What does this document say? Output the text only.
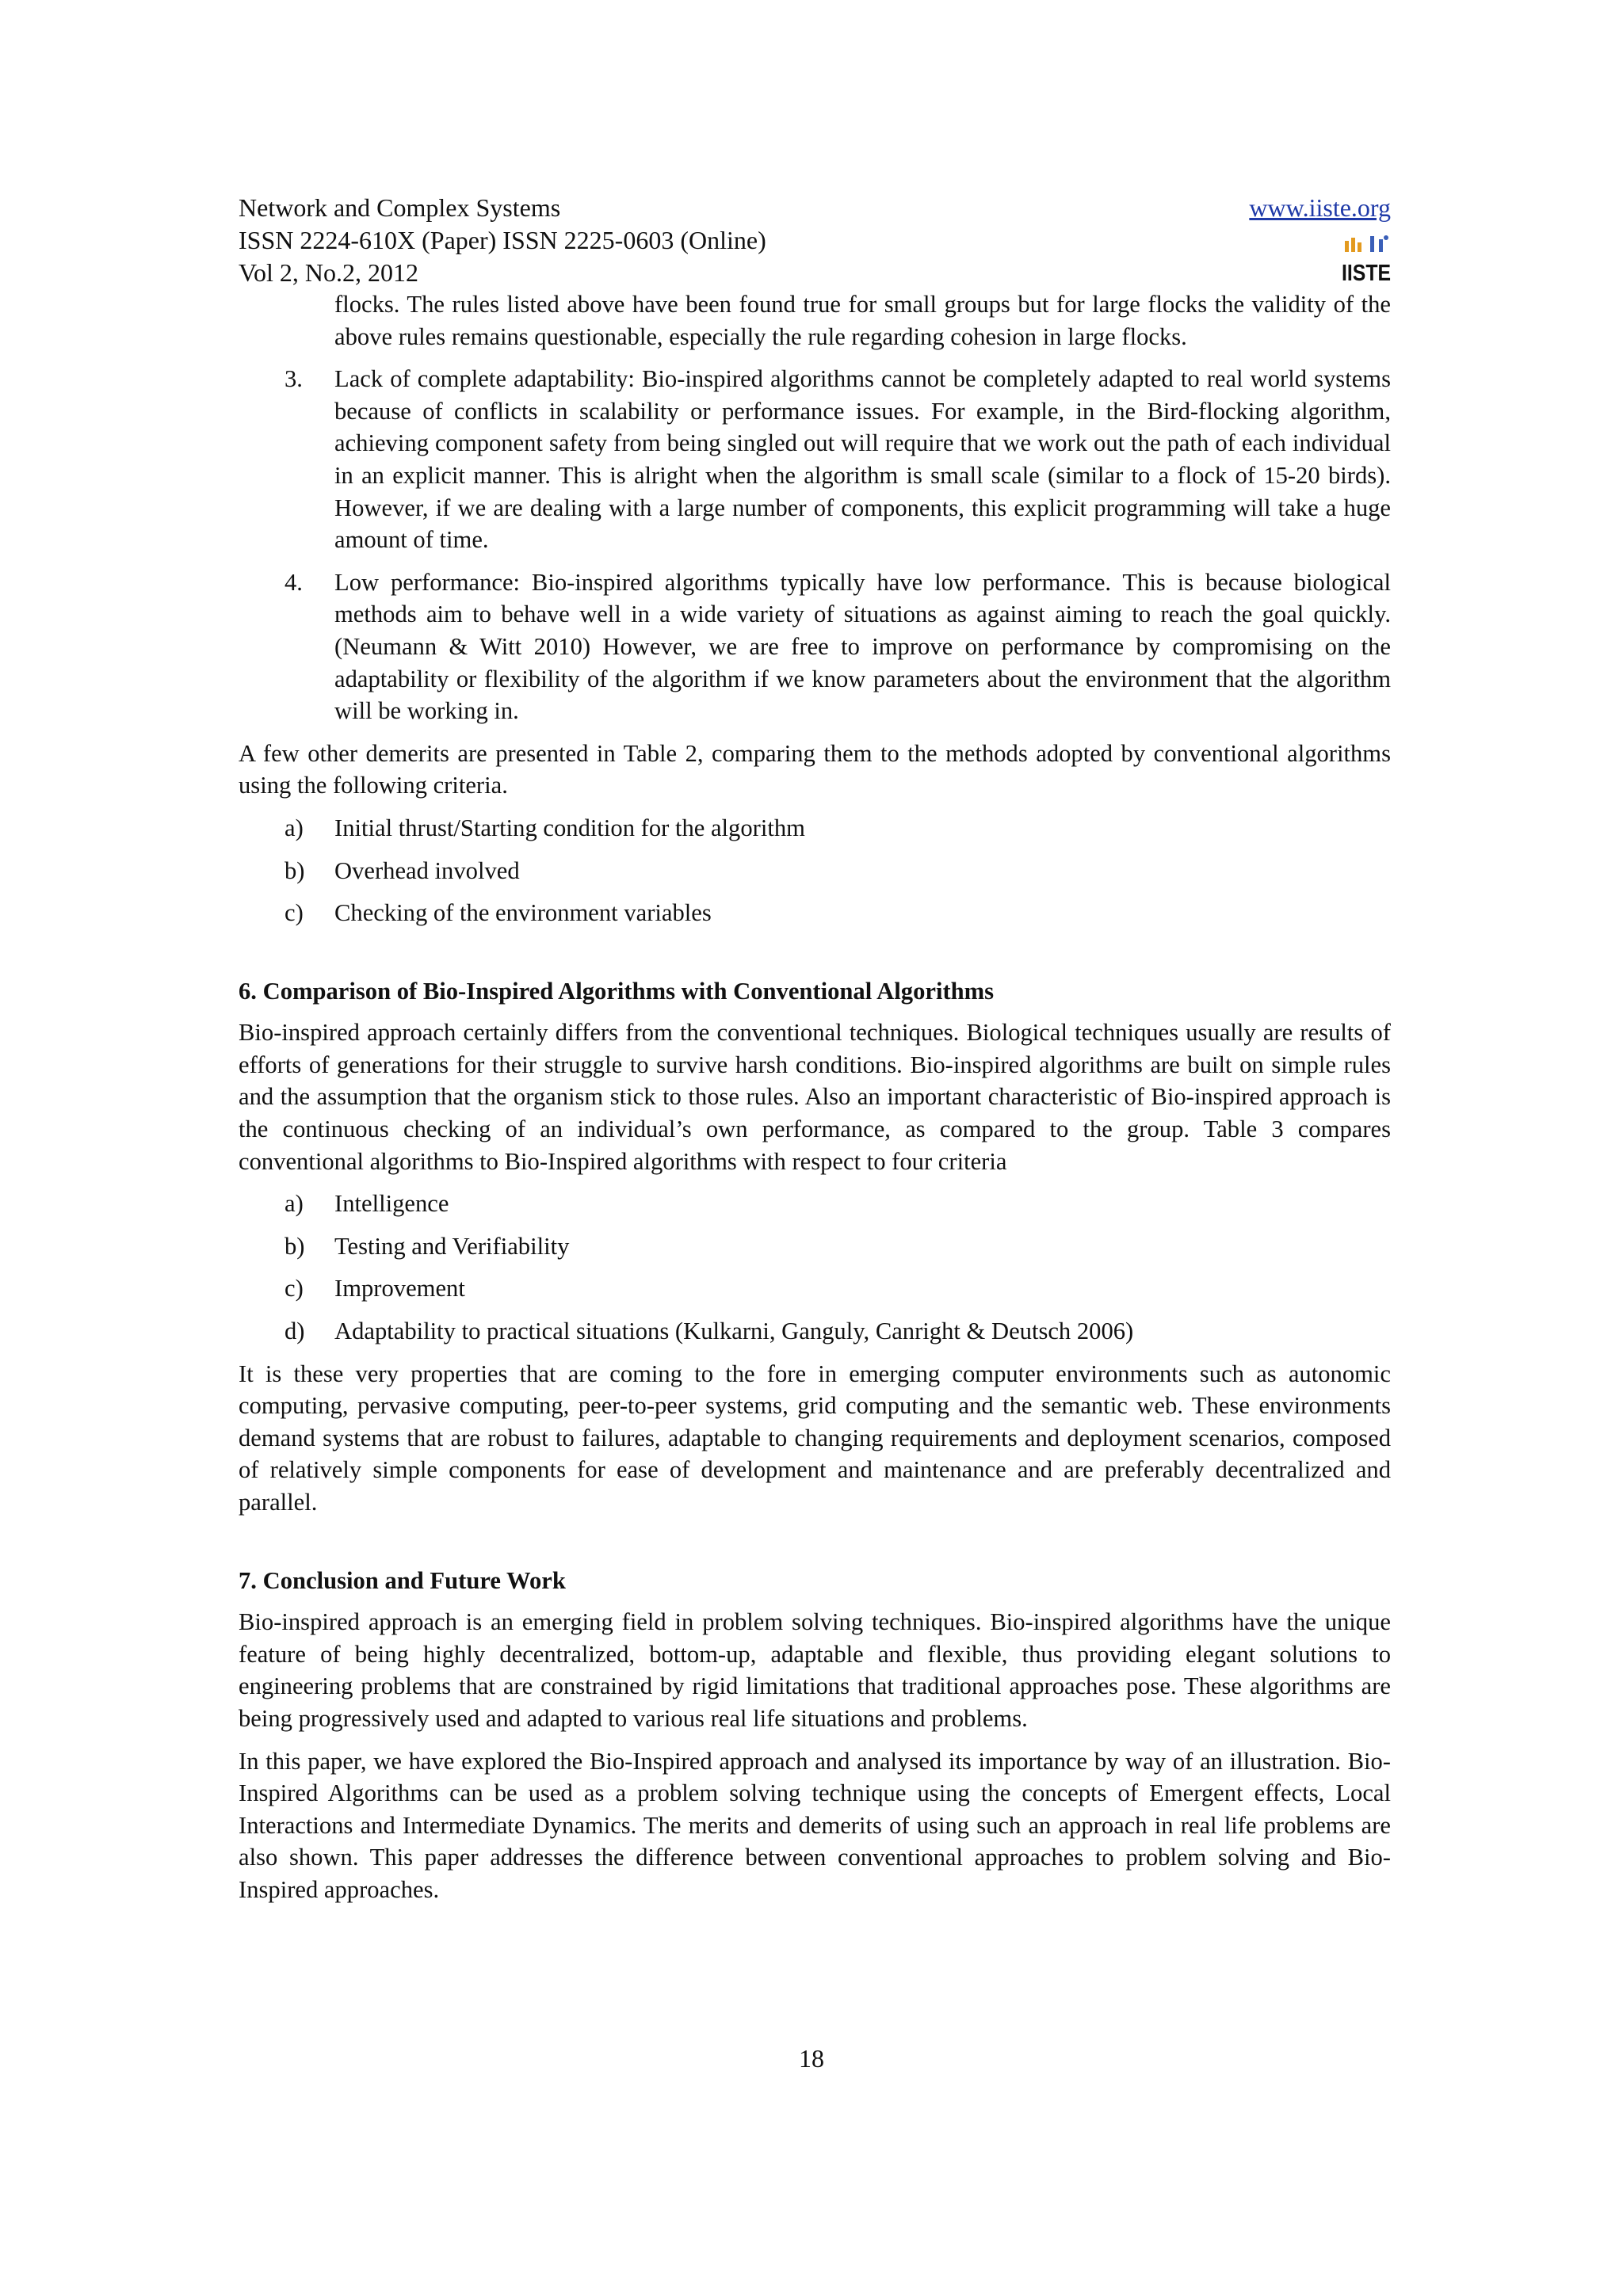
Network and Complex Systems
ISSN 2224-610X (Paper) ISSN 2225-0603 (Online)
Vol 2, No.2, 2012
www.iiste.org
IISTE

flocks. The rules listed above have been found true for small groups but for large flocks the validity of the above rules remains questionable, especially the rule regarding cohesion in large flocks.

3. Lack of complete adaptability: Bio-inspired algorithms cannot be completely adapted to real world systems because of conflicts in scalability or performance issues. For example, in the Bird-flocking algorithm, achieving component safety from being singled out will require that we work out the path of each individual in an explicit manner. This is alright when the algorithm is small scale (similar to a flock of 15-20 birds). However, if we are dealing with a large number of components, this explicit programming will take a huge amount of time.
4. Low performance: Bio-inspired algorithms typically have low performance. This is because biological methods aim to behave well in a wide variety of situations as against aiming to reach the goal quickly. (Neumann & Witt 2010) However, we are free to improve on performance by compromising on the adaptability or flexibility of the algorithm if we know parameters about the environment that the algorithm will be working in.

A few other demerits are presented in Table 2, comparing them to the methods adopted by conventional algorithms using the following criteria.

a) Initial thrust/Starting condition for the algorithm
b) Overhead involved
c) Checking of the environment variables
6. Comparison of Bio-Inspired Algorithms with Conventional Algorithms

Bio-inspired approach certainly differs from the conventional techniques. Biological techniques usually are results of efforts of generations for their struggle to survive harsh conditions. Bio-inspired algorithms are built on simple rules and the assumption that the organism stick to those rules. Also an important characteristic of Bio-inspired approach is the continuous checking of an individual’s own performance, as compared to the group. Table 3 compares conventional algorithms to Bio-Inspired algorithms with respect to four criteria

a) Intelligence
b) Testing and Verifiability
c) Improvement
d) Adaptability to practical situations (Kulkarni, Ganguly, Canright & Deutsch 2006)

It is these very properties that are coming to the fore in emerging computer environments such as autonomic computing, pervasive computing, peer-to-peer systems, grid computing and the semantic web. These environments demand systems that are robust to failures, adaptable to changing requirements and deployment scenarios, composed of relatively simple components for ease of development and maintenance and are preferably decentralized and parallel.

7. Conclusion and Future Work

Bio-inspired approach is an emerging field in problem solving techniques. Bio-inspired algorithms have the unique feature of being highly decentralized, bottom-up, adaptable and flexible, thus providing elegant solutions to engineering problems that are constrained by rigid limitations that traditional approaches pose. These algorithms are being progressively used and adapted to various real life situations and problems.

In this paper, we have explored the Bio-Inspired approach and analysed its importance by way of an illustration. Bio-Inspired Algorithms can be used as a problem solving technique using the concepts of Emergent effects, Local Interactions and Intermediate Dynamics. The merits and demerits of using such an approach in real life problems are also shown. This paper addresses the difference between conventional approaches to problem solving and Bio-Inspired approaches.

18
